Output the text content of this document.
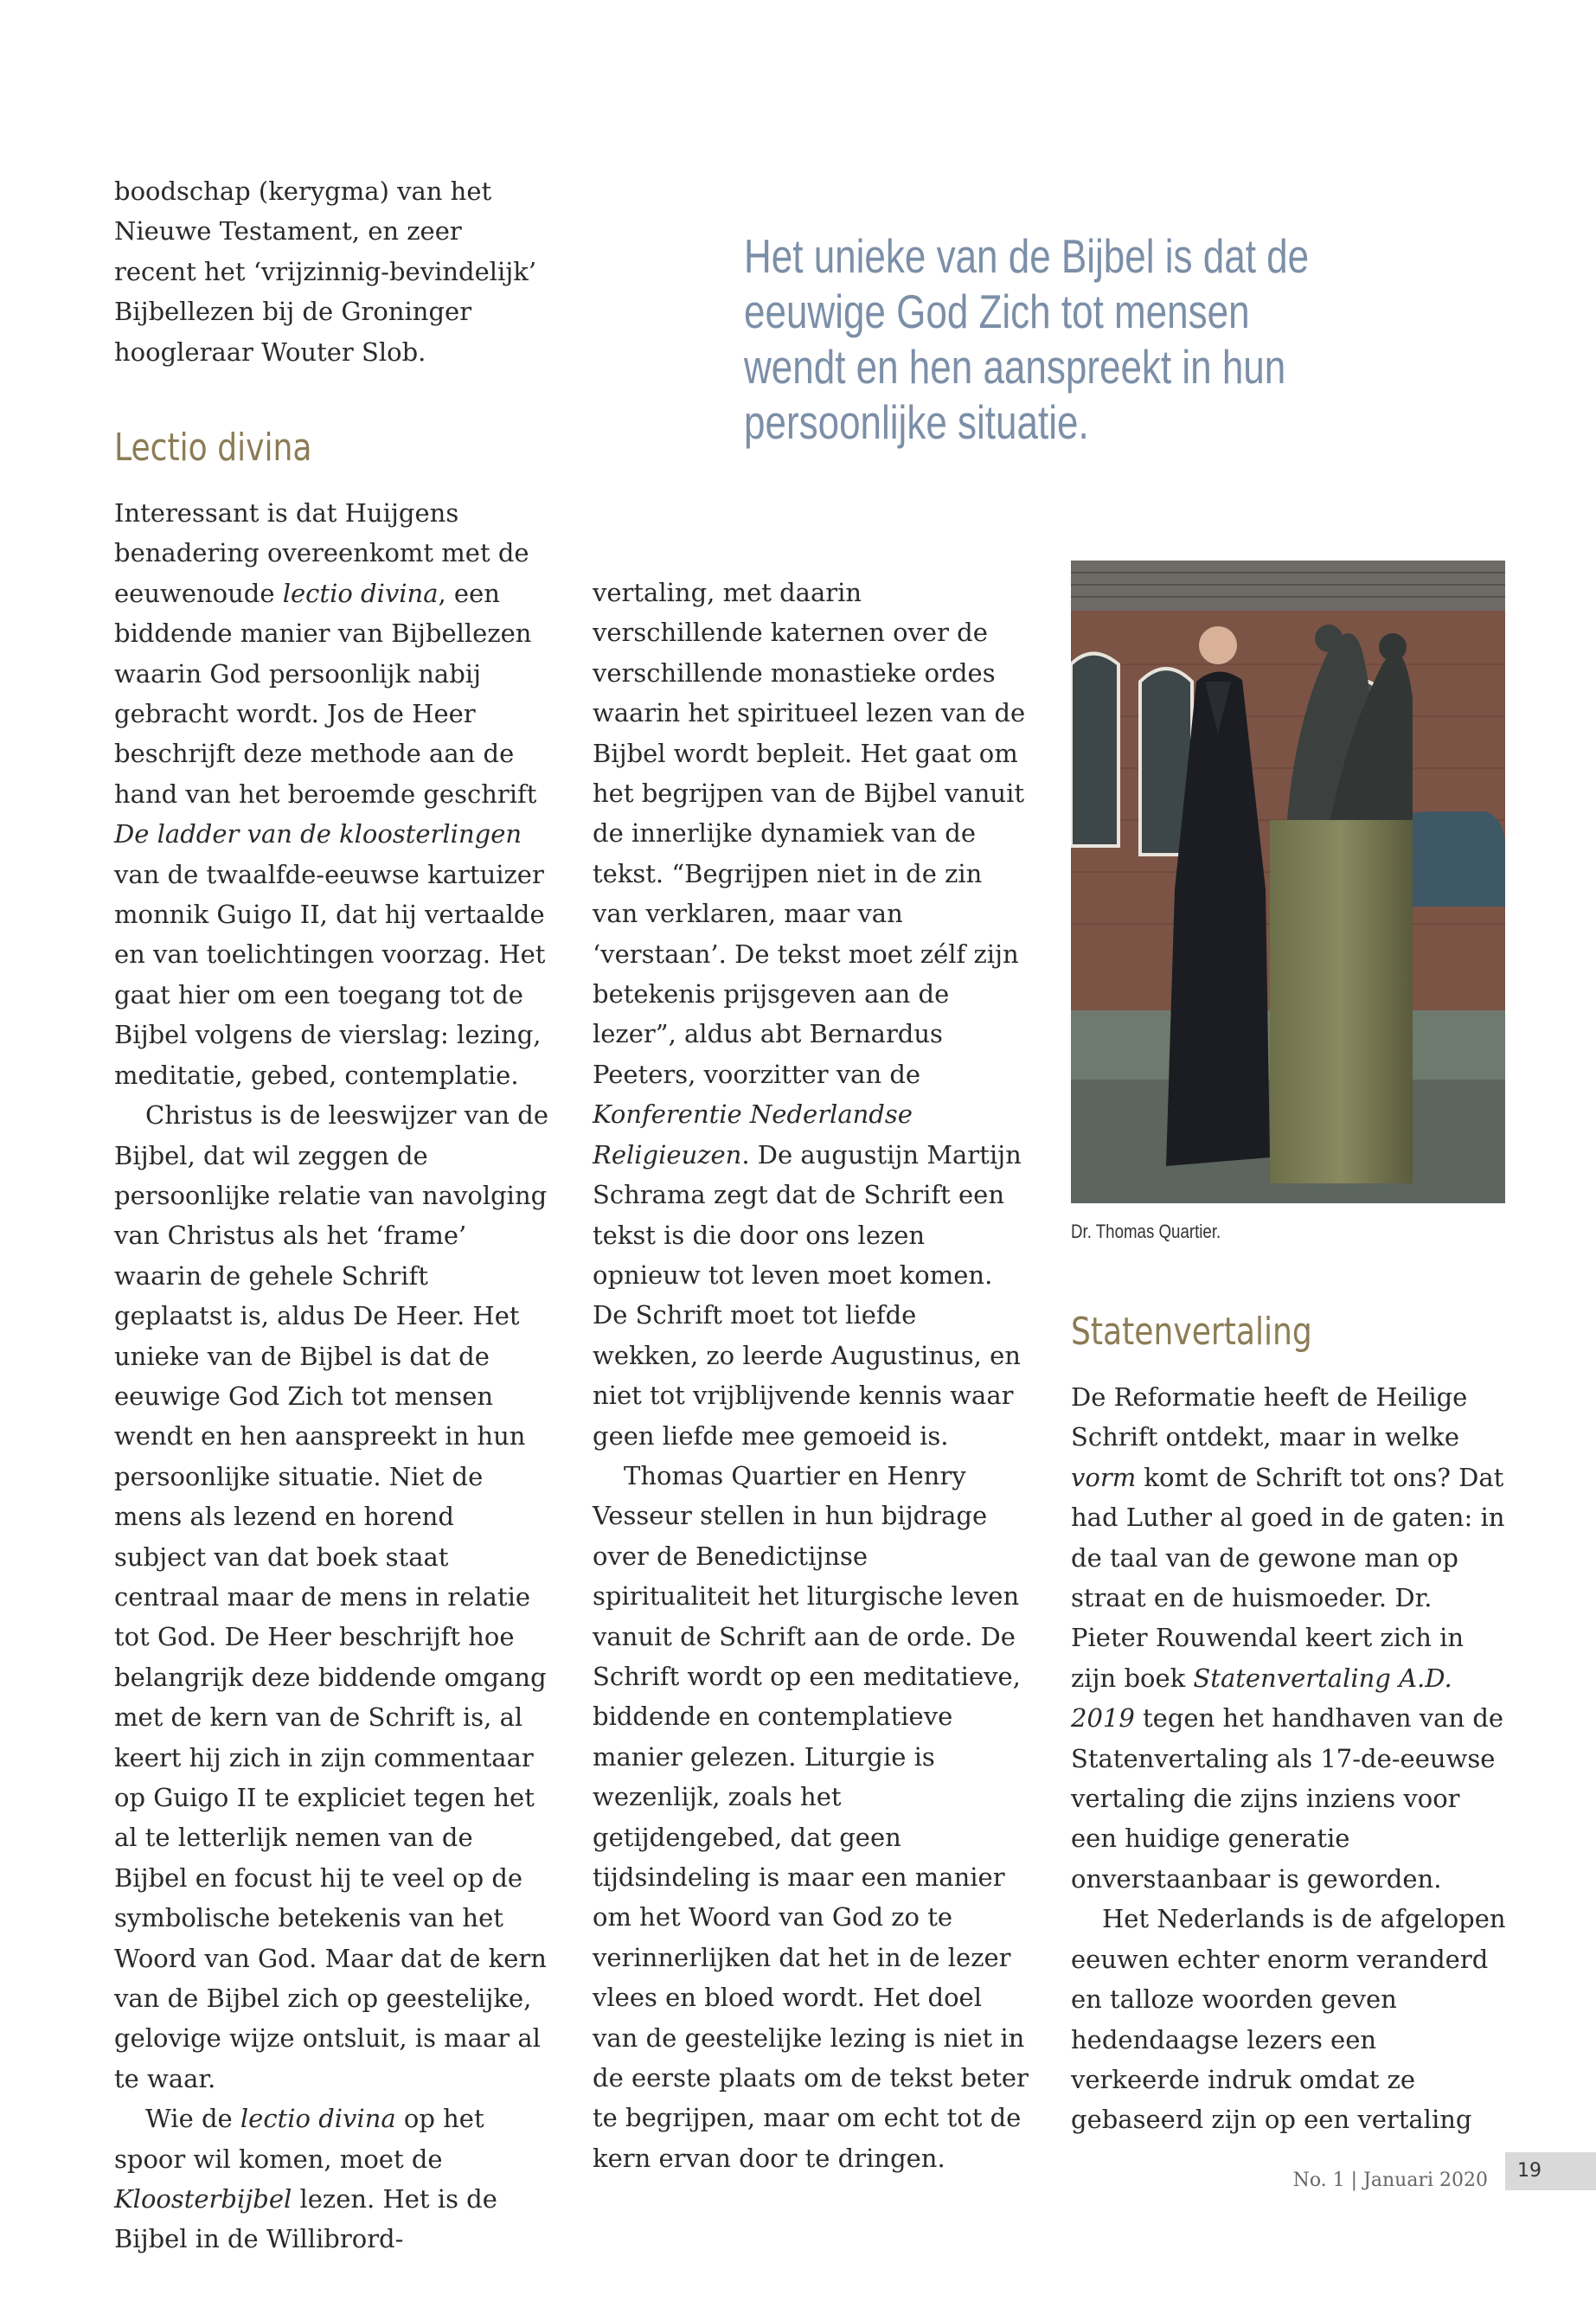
boodschap (kerygma) van het Nieuwe Testament, en zeer recent het ‘vrijzinnig-bevindelijk’ Bijbellezen bij de Groninger hoogleraar Wouter Slob.

Lectio divina

Interessant is dat Huijgens benadering overeenkomt met de eeuwenoude lectio divina, een biddende manier van Bijbellezen waarin God persoonlijk nabij gebracht wordt. Jos de Heer beschrijft deze methode aan de hand van het beroemde geschrift De ladder van de kloosterlingen van de twaalfde-eeuwse kartuizer monnik Guigo II, dat hij vertaalde en van toelichtingen voorzag. Het gaat hier om een toegang tot de Bijbel volgens de vierslag: lezing, meditatie, gebed, contemplatie.

Christus is de leeswijzer van de Bijbel, dat wil zeggen de persoonlijke relatie van navolging van Christus als het ‘frame’ waarin de gehele Schrift geplaatst is, aldus De Heer. Het unieke van de Bijbel is dat de eeuwige God Zich tot mensen wendt en hen aanspreekt in hun persoonlijke situatie. Niet de mens als lezend en horend subject van dat boek staat centraal maar de mens in relatie tot God. De Heer beschrijft hoe belangrijk deze biddende omgang met de kern van de Schrift is, al keert hij zich in zijn commentaar op Guigo II te expliciet tegen het al te letterlijk nemen van de Bijbel en focust hij te veel op de symbolische betekenis van het Woord van God. Maar dat de kern van de Bijbel zich op geestelijke, gelovige wijze ontsluit, is maar al te waar.

Wie de lectio divina op het spoor wil komen, moet de Kloosterbijbel lezen. Het is de Bijbel in de Willibrord-

Het unieke van de Bijbel is dat de eeuwige God Zich tot mensen wendt en hen aanspreekt in hun persoonlijke situatie.

vertaling, met daarin verschillende katernen over de verschillende monastieke ordes waarin het spiritueel lezen van de Bijbel wordt bepleit. Het gaat om het begrijpen van de Bijbel vanuit de innerlijke dynamiek van de tekst. “Begrijpen niet in de zin van verklaren, maar van ‘verstaan’. De tekst moet zélf zijn betekenis prijsgeven aan de lezer”, aldus abt Bernardus Peeters, voorzitter van de Konferentie Nederlandse Religieuzen. De augustijn Martijn Schrama zegt dat de Schrift een tekst is die door ons lezen opnieuw tot leven moet komen. De Schrift moet tot liefde wekken, zo leerde Augustinus, en niet tot vrijblijvende kennis waar geen liefde mee gemoeid is.

Thomas Quartier en Henry Vesseur stellen in hun bijdrage over de Benedictijnse spiritualiteit het liturgische leven vanuit de Schrift aan de orde. De Schrift wordt op een meditatieve, biddende en contemplatieve manier gelezen. Liturgie is wezenlijk, zoals het getijdengebed, dat geen tijdsindeling is maar een manier om het Woord van God zo te verinnerlijken dat het in de lezer vlees en bloed wordt. Het doel van de geestelijke lezing is niet in de eerste plaats om de tekst beter te begrijpen, maar om echt tot de kern ervan door te dringen.

Dr. Thomas Quartier.

Statenvertaling

De Reformatie heeft de Heilige Schrift ontdekt, maar in welke vorm komt de Schrift tot ons? Dat had Luther al goed in de gaten: in de taal van de gewone man op straat en de huismoeder. Dr. Pieter Rouwendal keert zich in zijn boek Statenvertaling A.D. 2019 tegen het handhaven van de Statenvertaling als 17-de-eeuwse vertaling die zijns inziens voor een huidige generatie onverstaanbaar is geworden.

Het Nederlands is de afgelopen eeuwen echter enorm veranderd en talloze woorden geven hedendaagse lezers een verkeerde indruk omdat ze gebaseerd zijn op een vertaling

No. 1 | Januari 2020	19
